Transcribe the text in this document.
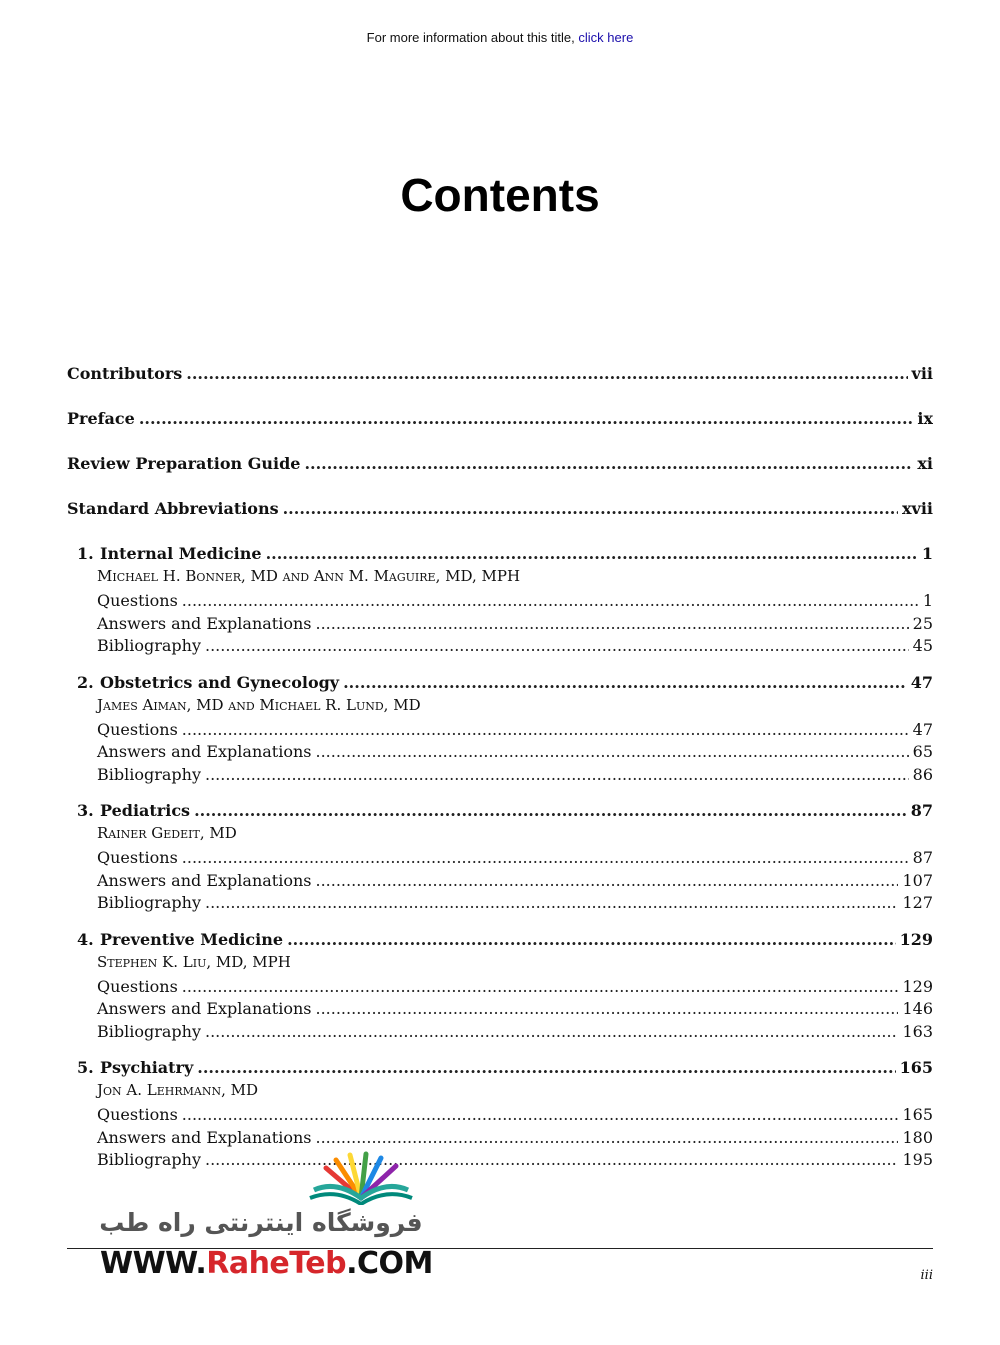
For more information about this title, click here
Contents
Contributors .....	vii
Preface .....	ix
Review Preparation Guide .....	xi
Standard Abbreviations .....	xvii
1. Internal Medicine .....	1
Michael H. Bonner, MD and Ann M. Maguire, MD, MPH
Questions .....	1
Answers and Explanations .....	25
Bibliography .....	45
2. Obstetrics and Gynecology .....	47
James Aiman, MD and Michael R. Lund, MD
Questions .....	47
Answers and Explanations .....	65
Bibliography .....	86
3. Pediatrics .....	87
Rainer Gedeit, MD
Questions .....	87
Answers and Explanations .....	107
Bibliography .....	127
4. Preventive Medicine .....	129
Stephen K. Liu, MD, MPH
Questions .....	129
Answers and Explanations .....	146
Bibliography .....	163
5. Psychiatry .....	165
Jon A. Lehrmann, MD
Questions .....	165
Answers and Explanations .....	180
Bibliography .....	195
iii
فروشگاه اینترنتی راه طب
WWW.RaheTeb.COM
